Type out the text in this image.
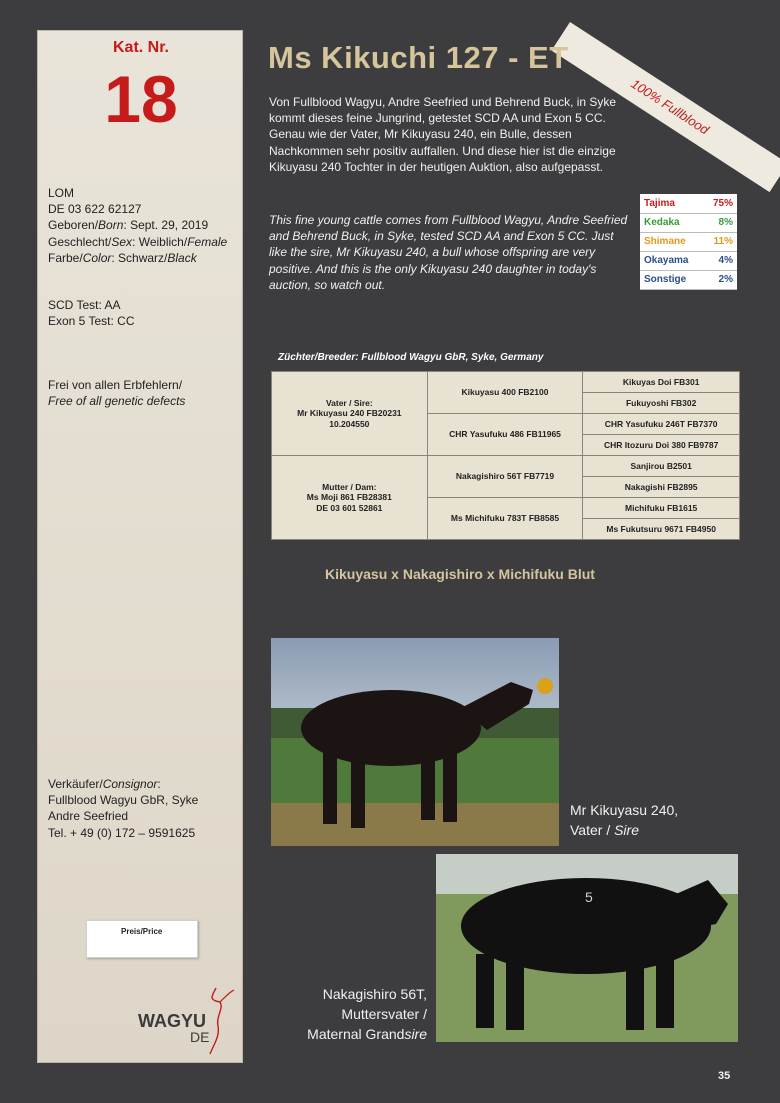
Kat. Nr.
18
LOM
DE 03 622 62127
Geboren/Born: Sept. 29, 2019
Geschlecht/Sex: Weiblich/Female
Farbe/Color: Schwarz/Black
SCD Test: AA
Exon 5 Test: CC
Frei von allen Erbfehlern/
Free of all genetic defects
Verkäufer/Consignor:
Fullblood Wagyu GbR, Syke
Andre Seefried
Tel. + 49 (0) 172 – 9591625
Preis/Price
WAGYU
DE
100% Fullblood
Ms Kikuchi 127 - ET
Von Fullblood Wagyu, Andre Seefried und Behrend Buck, in Syke kommt dieses feine Jungrind, getestet SCD AA und Exon 5 CC. Genau wie der Vater, Mr Kikuyasu 240, ein Bulle, dessen Nachkommen sehr positiv auffallen. Und diese hier ist die einzige Kikuyasu 240 Tochter in der heutigen Auktion, also aufgepasst.
This fine young cattle comes from Fullblood Wagyu, Andre Seefried and Behrend Buck, in Syke, tested SCD AA and Exon 5 CC. Just like the sire, Mr Kikuyasu 240, a bull whose offspring are very positive. And this is the only Kikuyasu 240 daughter in today's auction, so watch out.
Tajima	75%
Kedaka	8%
Shimane	11%
Okayama	4%
Sonstige	2%
Züchter/Breeder: Fullblood Wagyu GbR, Syke, Germany
Vater / Sire:
Mr Kikuyasu 240 FB20231
10.204550	Kikuyasu 400 FB2100	Kikuyas Doi FB301
		Fukuyoshi FB302
	CHR Yasufuku 486 FB11965	CHR Yasufuku 246T FB7370
		CHR Itozuru Doi 380 FB9787

Mutter / Dam:
Ms Moji 861 FB28381
DE 03 601 52861	Nakagishiro 56T FB7719	Sanjirou B2501
		Nakagishi FB2895
	Ms Michifuku 783T FB8585	Michifuku FB1615
		Ms Fukutsuru 9671 FB4950
Kikuyasu x Nakagishiro x Michifuku Blut
Mr Kikuyasu 240,
Vater / Sire
5
Nakagishiro 56T,
Muttersvater /
Maternal Grandsire
35
